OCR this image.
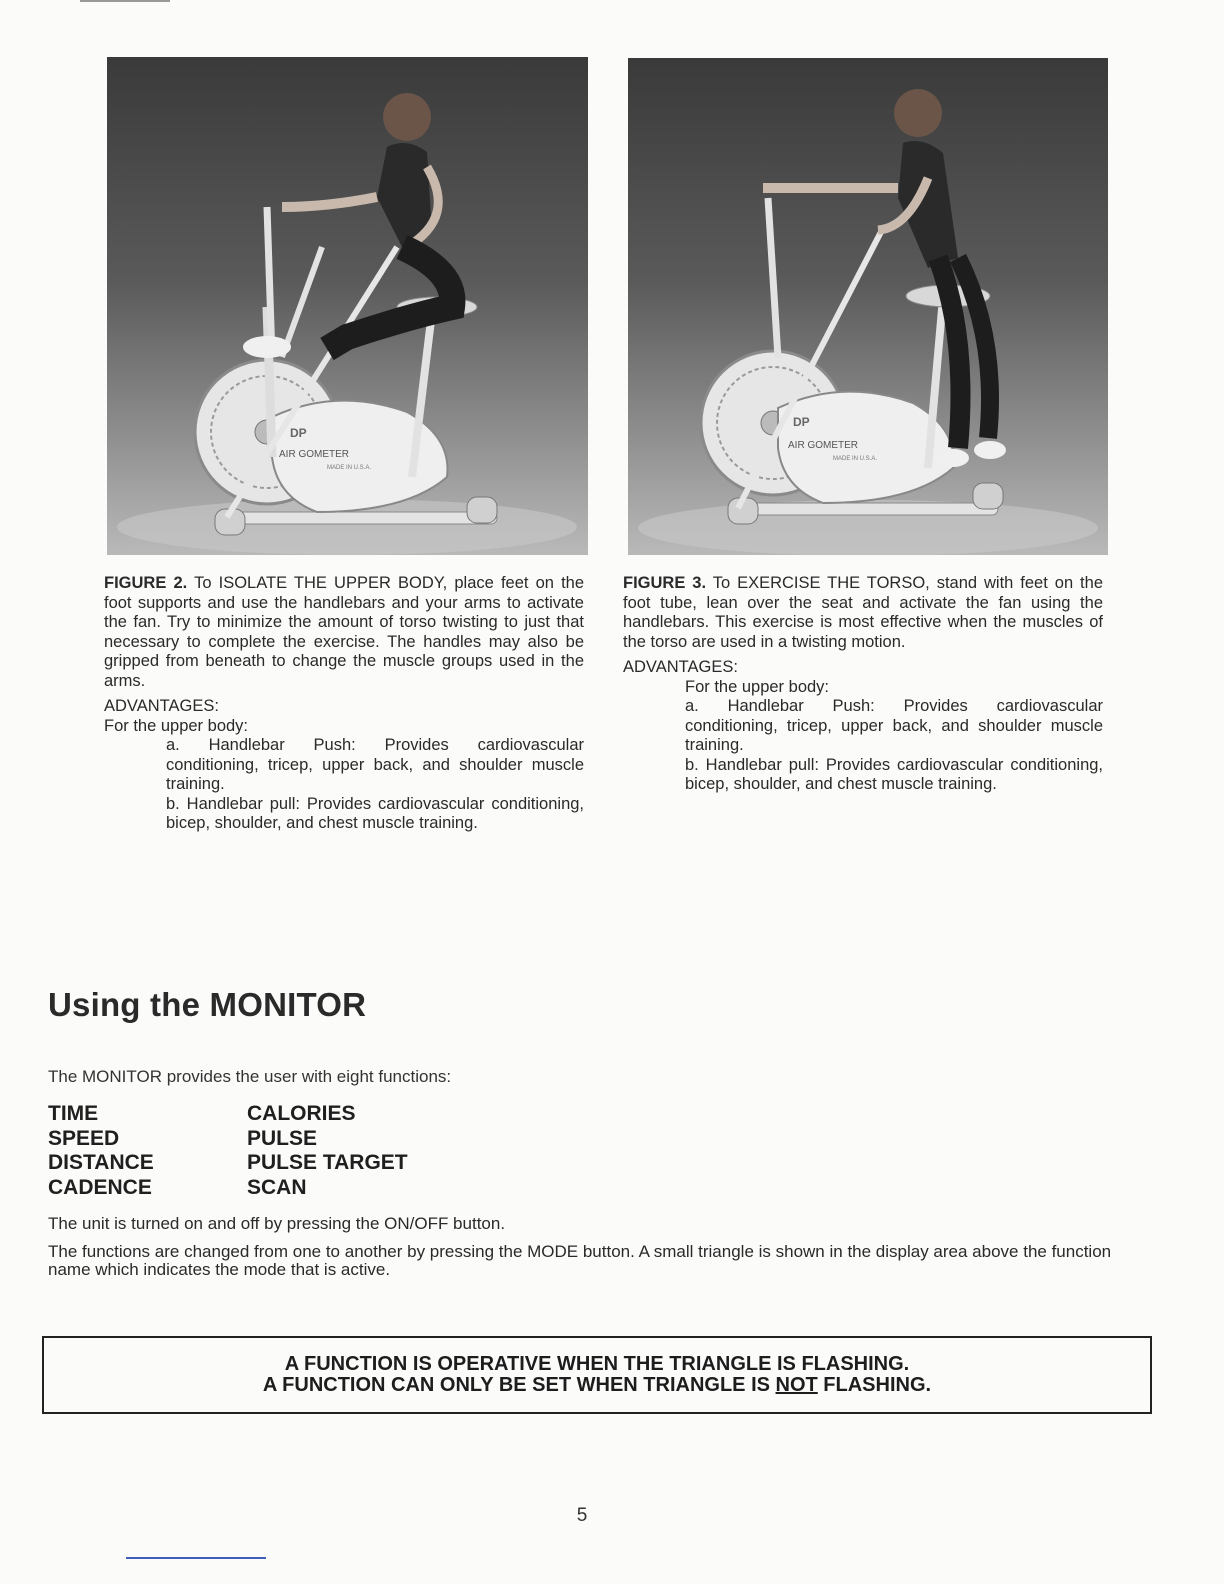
AIR GOMETER
DP
MADE IN U.S.A.
AIR GOMETER
DP
MADE IN U.S.A.

FIGURE 2. To ISOLATE THE UPPER BODY, place feet on the foot supports and use the handlebars and your arms to activate the fan. Try to minimize the amount of torso twisting to just that necessary to complete the exercise. The handles may also be gripped from beneath to change the muscle groups used in the arms.

ADVANTAGES:

For the upper body:

a. Handlebar Push: Provides cardiovascular conditioning, tricep, upper back, and shoulder muscle training.

b. Handlebar pull: Provides cardiovascular conditioning, bicep, shoulder, and chest muscle training.

FIGURE 3. To EXERCISE THE TORSO, stand with feet on the foot tube, lean over the seat and activate the fan using the handlebars. This exercise is most effective when the muscles of the torso are used in a twisting motion.

ADVANTAGES:

For the upper body:

a. Handlebar Push: Provides cardiovascular conditioning, tricep, upper back, and shoulder muscle training.

b. Handlebar pull: Provides cardiovascular conditioning, bicep, shoulder, and chest muscle training.

Using the MONITOR

The MONITOR provides the user with eight functions:

TIME
SPEED
DISTANCE
CADENCE
CALORIES
PULSE
PULSE TARGET
SCAN

The unit is turned on and off by pressing the ON/OFF button.

The functions are changed from one to another by pressing the MODE button. A small triangle is shown in the display area above the function name which indicates the mode that is active.

A FUNCTION IS OPERATIVE WHEN THE TRIANGLE IS FLASHING.
A FUNCTION CAN ONLY BE SET WHEN TRIANGLE IS NOT FLASHING.
5
